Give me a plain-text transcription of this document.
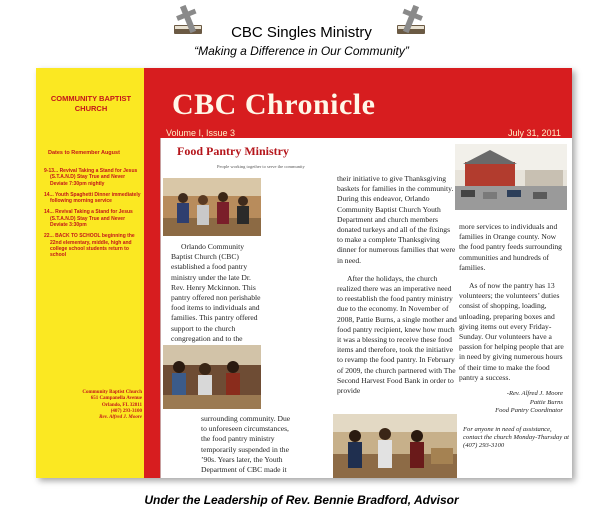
CBC Singles Ministry
“Making a Difference in Our Community”
COMMUNITY BAPTIST CHURCH
Dates to Remember August
9-13... Revival Taking a Stand for Jesus (S.T.A.N.D) Stay True and Never Deviate 7:30pm nightly
14... Youth Spaghetti Dinner immediately following morning service
14... Revival Taking a Stand for Jesus (S.T.A.N.D) Stay True and Never Deviate 3:30pm
22... BACK TO SCHOOL beginning the 22nd elementary, middle, high and college school students return to school
Community Baptist Church
651 Campanella Avenue
Orlando, FL 32811
(407) 293-3100
Rev. Alfred J. Moore
CBC Chronicle
Volume I, Issue 3	July 31, 2011
Food Pantry Ministry
People working together to serve the community

Orlando Community Baptist Church (CBC) established a food pantry ministry under the late Dr. Rev. Henry Mckinnon. This pantry offered non perishable food items to individuals and families. This pantry offered support to the church congregation and to the

surrounding community. Due to unforeseen circumstances, the food pantry ministry temporarily suspended in the ’90s. Years later, the Youth Department of CBC made it

their initiative to give Thanksgiving baskets for families in the community. During this endeavor, Orlando Community Baptist Church Youth Department and church members donated turkeys and all of the fixings to make a complete Thanksgiving dinner for numerous families that were in need.

After the holidays, the church realized there was an imperative need to reestablish the food pantry ministry due to the economy. In November of 2008, Pattie Burns, a single mother and food pantry recipient, knew how much it was a blessing to receive these food items and therefore, took the initiative to revamp the food pantry. In February of 2009, the church partnered with The Second Harvest Food Bank in order to provide

more services to individuals and families in Orange county. Now the food pantry feeds surrounding communities and hundreds of families.

As of now the pantry has 13 volunteers; the volunteers’ duties consist of shopping, loading, unloading, preparing boxes and giving items out every Friday-Sunday. Our volunteers have a passion for helping people that are in need by giving numerous hours of their time to make the food pantry a success.

-Rev. Alfred J. Moore
Pattie Burns
Food Pantry Coordinator
For anyone in need of assistance, contact the church Monday-Thursday at (407) 293-3100
Under the Leadership of Rev. Bennie Bradford, Advisor
